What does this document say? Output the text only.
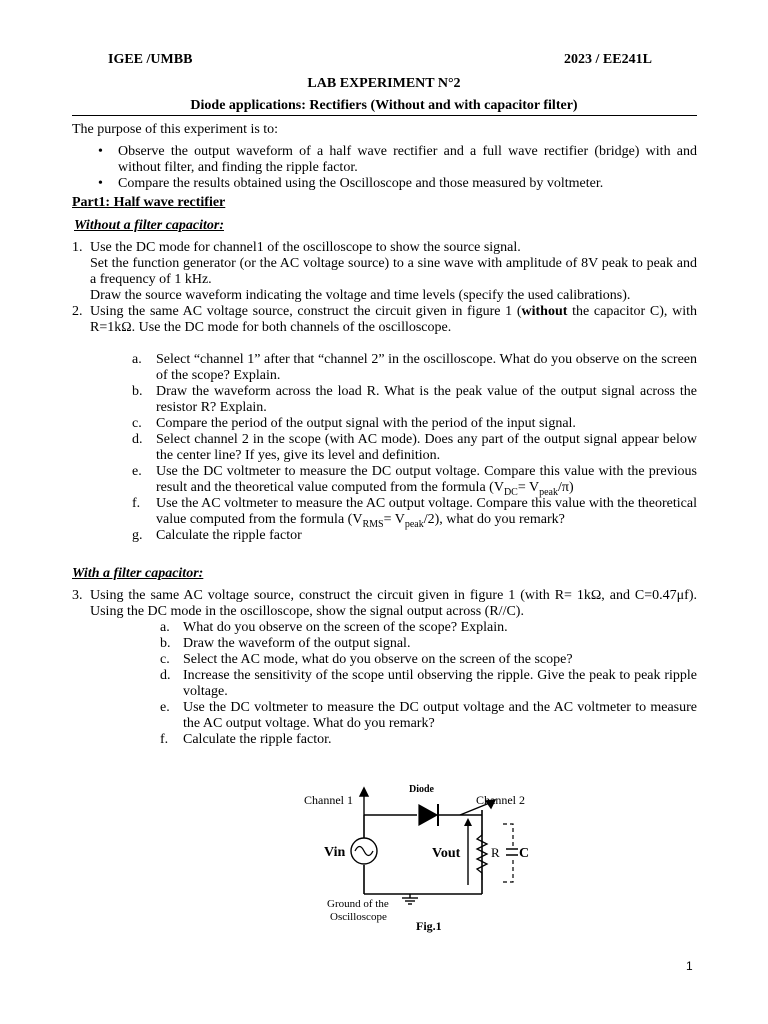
IGEE /UMBB	2023 / EE241L
LAB EXPERIMENT N°2
Diode applications: Rectifiers (Without and with capacitor filter)

The purpose of this experiment is to:

• Observe the output waveform of a half wave rectifier and a full wave rectifier (bridge) with and without filter, and finding the ripple factor.
• Compare the results obtained using the Oscilloscope and those measured by voltmeter.
Part1: Half wave rectifier
Without a filter capacitor:
1. Use the DC mode for channel1 of the oscilloscope to show the source signal.
Set the function generator (or the AC voltage source) to a sine wave with amplitude of 8V peak to peak and a frequency of 1 kHz.
Draw the source waveform indicating the voltage and time levels (specify the used calibrations).
2. Using the same AC voltage source, construct the circuit given in figure 1 (without the capacitor C), with R=1kΩ. Use the DC mode for both channels of the oscilloscope.
a. Select “channel 1” after that “channel 2” in the oscilloscope. What do you observe on the screen of the scope? Explain.
b. Draw the waveform across the load R. What is the peak value of the output signal across the resistor R? Explain.
c. Compare the period of the output signal with the period of the input signal.
d. Select channel 2 in the scope (with AC mode). Does any part of the output signal appear below the center line? If yes, give its level and definition.
e. Use the DC voltmeter to measure the DC output voltage. Compare this value with the previous result and the theoretical value computed from the formula $(V_{DC}= V_{peak}/\pi)$
f. Use the AC voltmeter to measure the AC output voltage. Compare this value with the theoretical value computed from the formula $(V_{RMS}= V_{peak}/2)$, what do you remark?
g. Calculate the ripple factor
With a filter capacitor:
3. Using the same AC voltage source, construct the circuit given in figure 1 (with R= 1kΩ, and C=0.47μf). Using the DC mode in the oscilloscope, show the signal output across (R//C).
a. What do you observe on the screen of the scope? Explain.
b. Draw the waveform of the output signal.
c. Select the AC mode, what do you observe on the screen of the scope?
d. Increase the sensitivity of the scope until observing the ripple. Give the peak to peak ripple voltage.
e. Use the DC voltmeter to measure the DC output voltage and the AC voltmeter to measure the AC output voltage. What do you remark?
f. Calculate the ripple factor.
Diode
Channel 1	Channel 2
Vin	Vout R C
Ground of the
Oscilloscope
Fig.1
1
